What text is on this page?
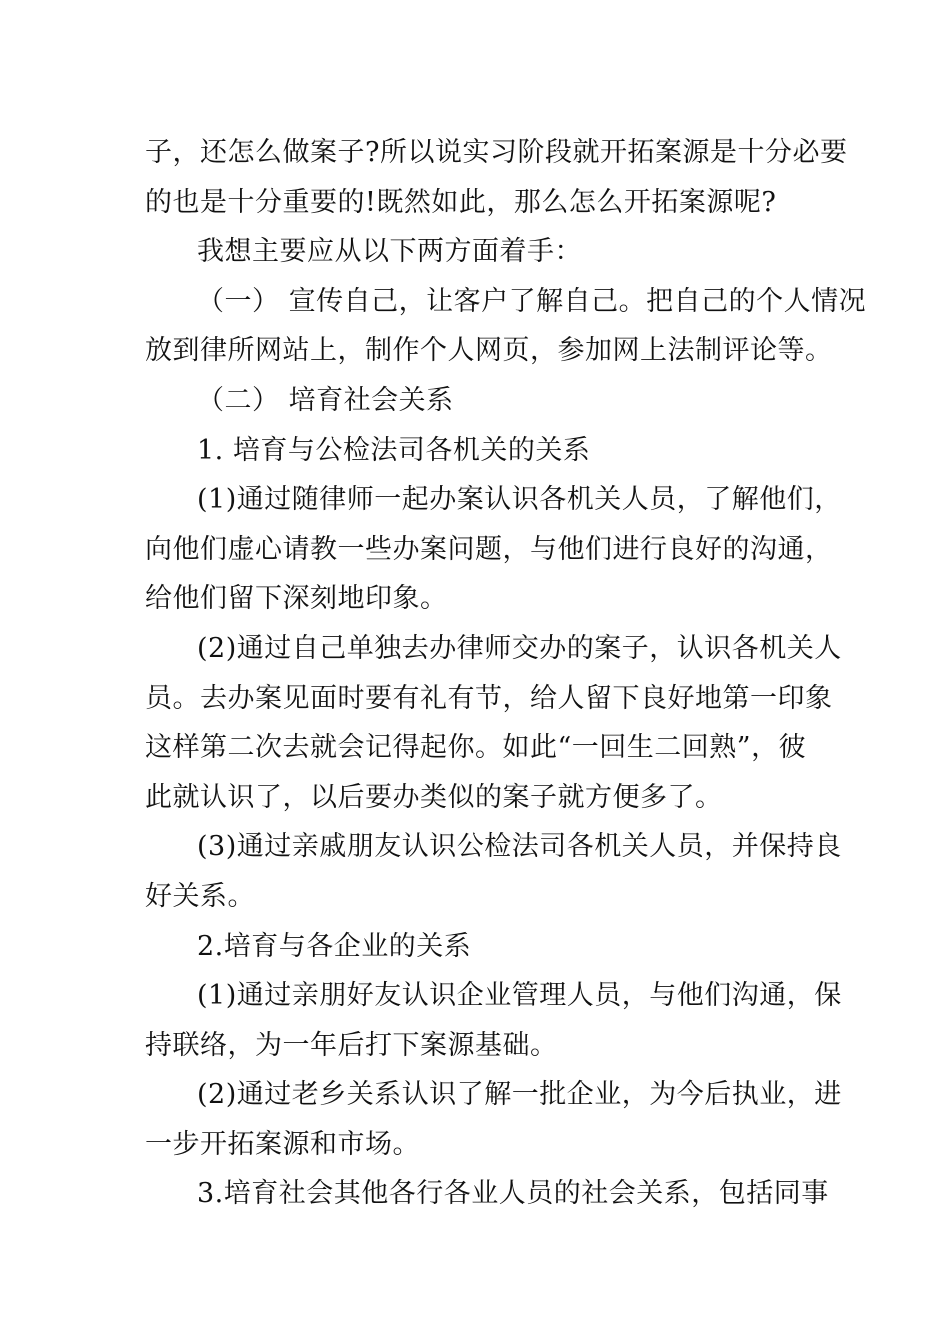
子，还怎么做案子?所以说实习阶段就开拓案源是十分必要
的也是十分重要的!既然如此，那么怎么开拓案源呢?
我想主要应从以下两方面着手：
（一） 宣传自己，让客户了解自己。把自己的个人情况
放到律所网站上，制作个人网页，参加网上法制评论等。
（二） 培育社会关系
1. 培育与公检法司各机关的关系
(1)通过随律师一起办案认识各机关人员，了解他们，
向他们虚心请教一些办案问题，与他们进行良好的沟通，
给他们留下深刻地印象。
(2)通过自己单独去办律师交办的案子，认识各机关人
员。去办案见面时要有礼有节，给人留下良好地第一印象
这样第二次去就会记得起你。如此“一回生二回熟”，彼
此就认识了，以后要办类似的案子就方便多了。
(3)通过亲戚朋友认识公检法司各机关人员，并保持良
好关系。
2.培育与各企业的关系
(1)通过亲朋好友认识企业管理人员，与他们沟通，保
持联络，为一年后打下案源基础。
(2)通过老乡关系认识了解一批企业，为今后执业，进
一步开拓案源和市场。
3.培育社会其他各行各业人员的社会关系，包括同事
